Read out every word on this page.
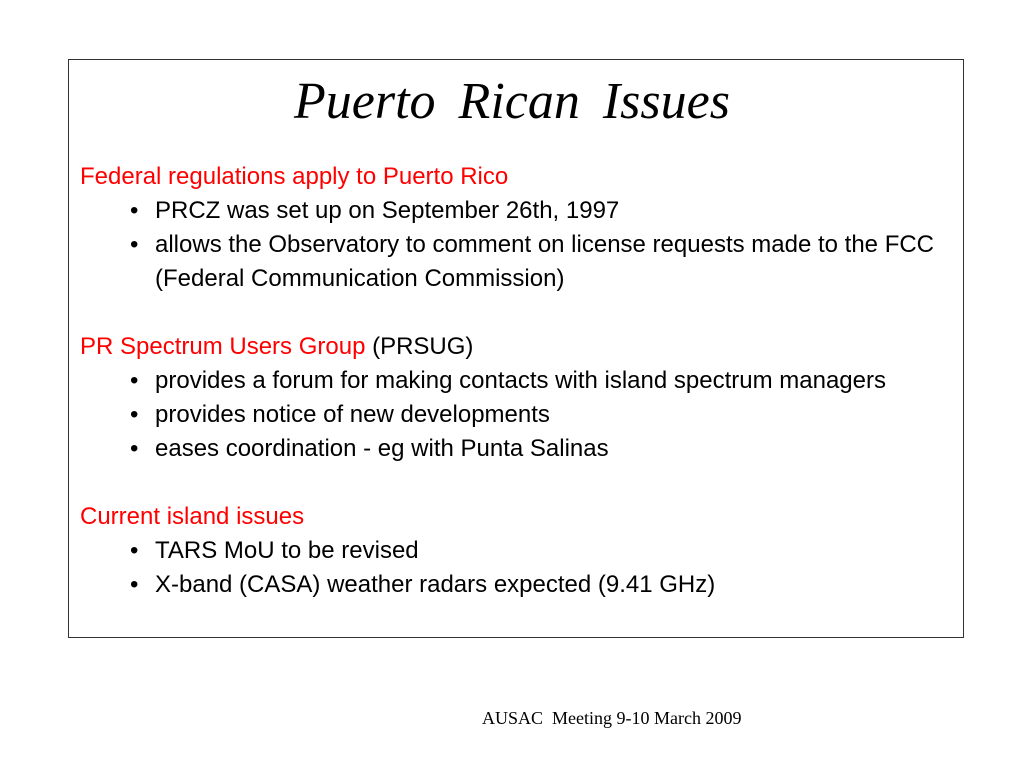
Puerto Rican Issues

Federal regulations apply to Puerto Rico

• PRCZ was set up on September 26th, 1997
• allows the Observatory to comment on license requests made to the FCC (Federal Communication Commission)

PR Spectrum Users Group (PRSUG)

• provides a forum for making contacts with island spectrum managers
• provides notice of new developments
• eases coordination - eg with Punta Salinas

Current island issues

• TARS MoU to be revised
• X-band (CASA) weather radars expected (9.41 GHz)
AUSAC  Meeting 9-10 March 2009
